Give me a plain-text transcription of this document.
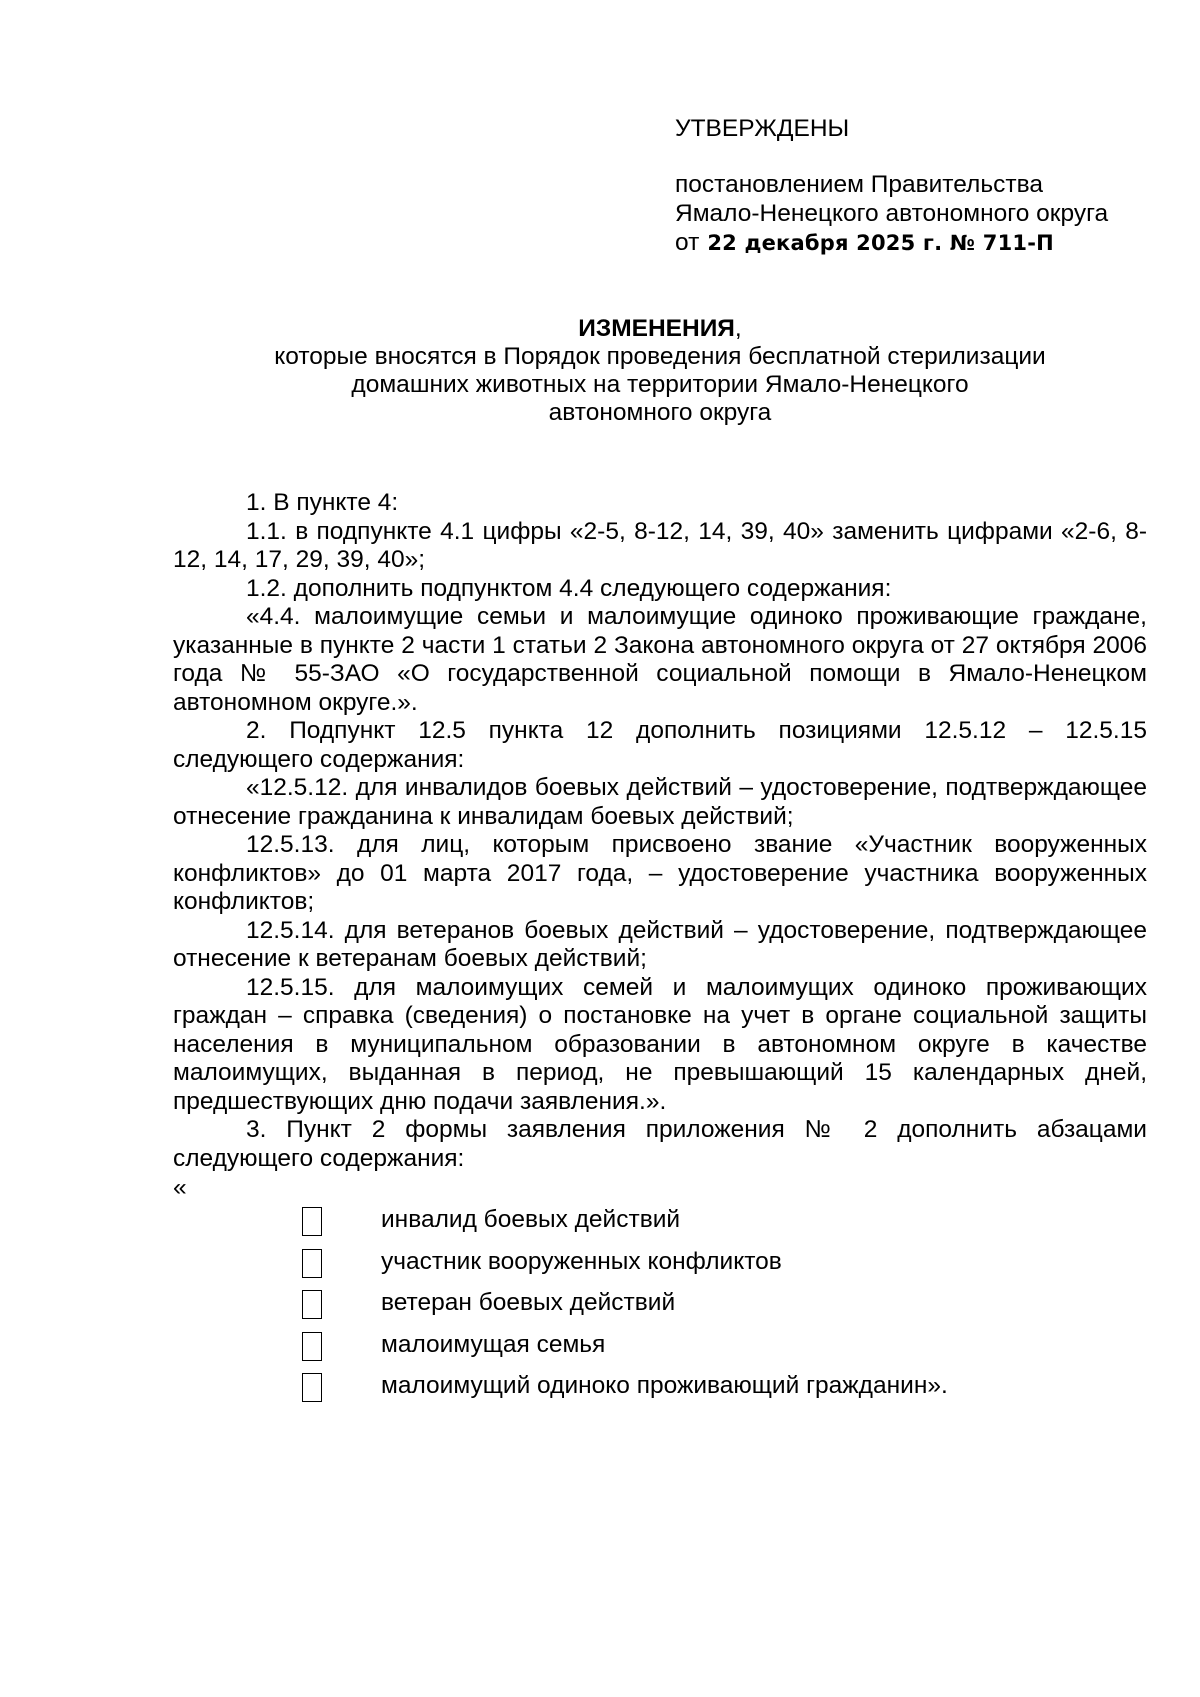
УТВЕРЖДЕНЫ
постановлением Правительства
Ямало-Ненецкого автономного округа
от 22 декабря 2025 г. № 711-П
ИЗМЕНЕНИЯ,
которые вносятся в Порядок проведения бесплатной стерилизации
домашних животных на территории Ямало-Ненецкого
автономного округа

1. В пункте 4:

1.1. в подпункте 4.1 цифры «2-5, 8-12, 14, 39, 40» заменить цифрами «2-6, 8-12, 14, 17, 29, 39, 40»;

1.2. дополнить подпунктом 4.4 следующего содержания:

«4.4. малоимущие семьи и малоимущие одиноко проживающие граждане, указанные в пункте 2 части 1 статьи 2 Закона автономного округа от 27 октября 2006 года № 55-ЗАО «О государственной социальной помощи в Ямало-Ненецком автономном округе.».

2. Подпункт 12.5 пункта 12 дополнить позициями 12.5.12 – 12.5.15 следующего содержания:

«12.5.12. для инвалидов боевых действий – удостоверение, подтверждающее отнесение гражданина к инвалидам боевых действий;

12.5.13. для лиц, которым присвоено звание «Участник вооруженных конфликтов» до 01 марта 2017 года, – удостоверение участника вооруженных конфликтов;

12.5.14. для ветеранов боевых действий – удостоверение, подтверждающее отнесение к ветеранам боевых действий;

12.5.15. для малоимущих семей и малоимущих одиноко проживающих граждан – справка (сведения) о постановке на учет в органе социальной защиты населения в муниципальном образовании в автономном округе в качестве малоимущих, выданная в период, не превышающий 15 календарных дней, предшествующих дню подачи заявления.».

3. Пункт 2 формы заявления приложения № 2 дополнить абзацами следующего содержания:

«
инвалид боевых действий
участник вооруженных конфликтов
ветеран боевых действий
малоимущая семья
малоимущий одиноко проживающий гражданин».
